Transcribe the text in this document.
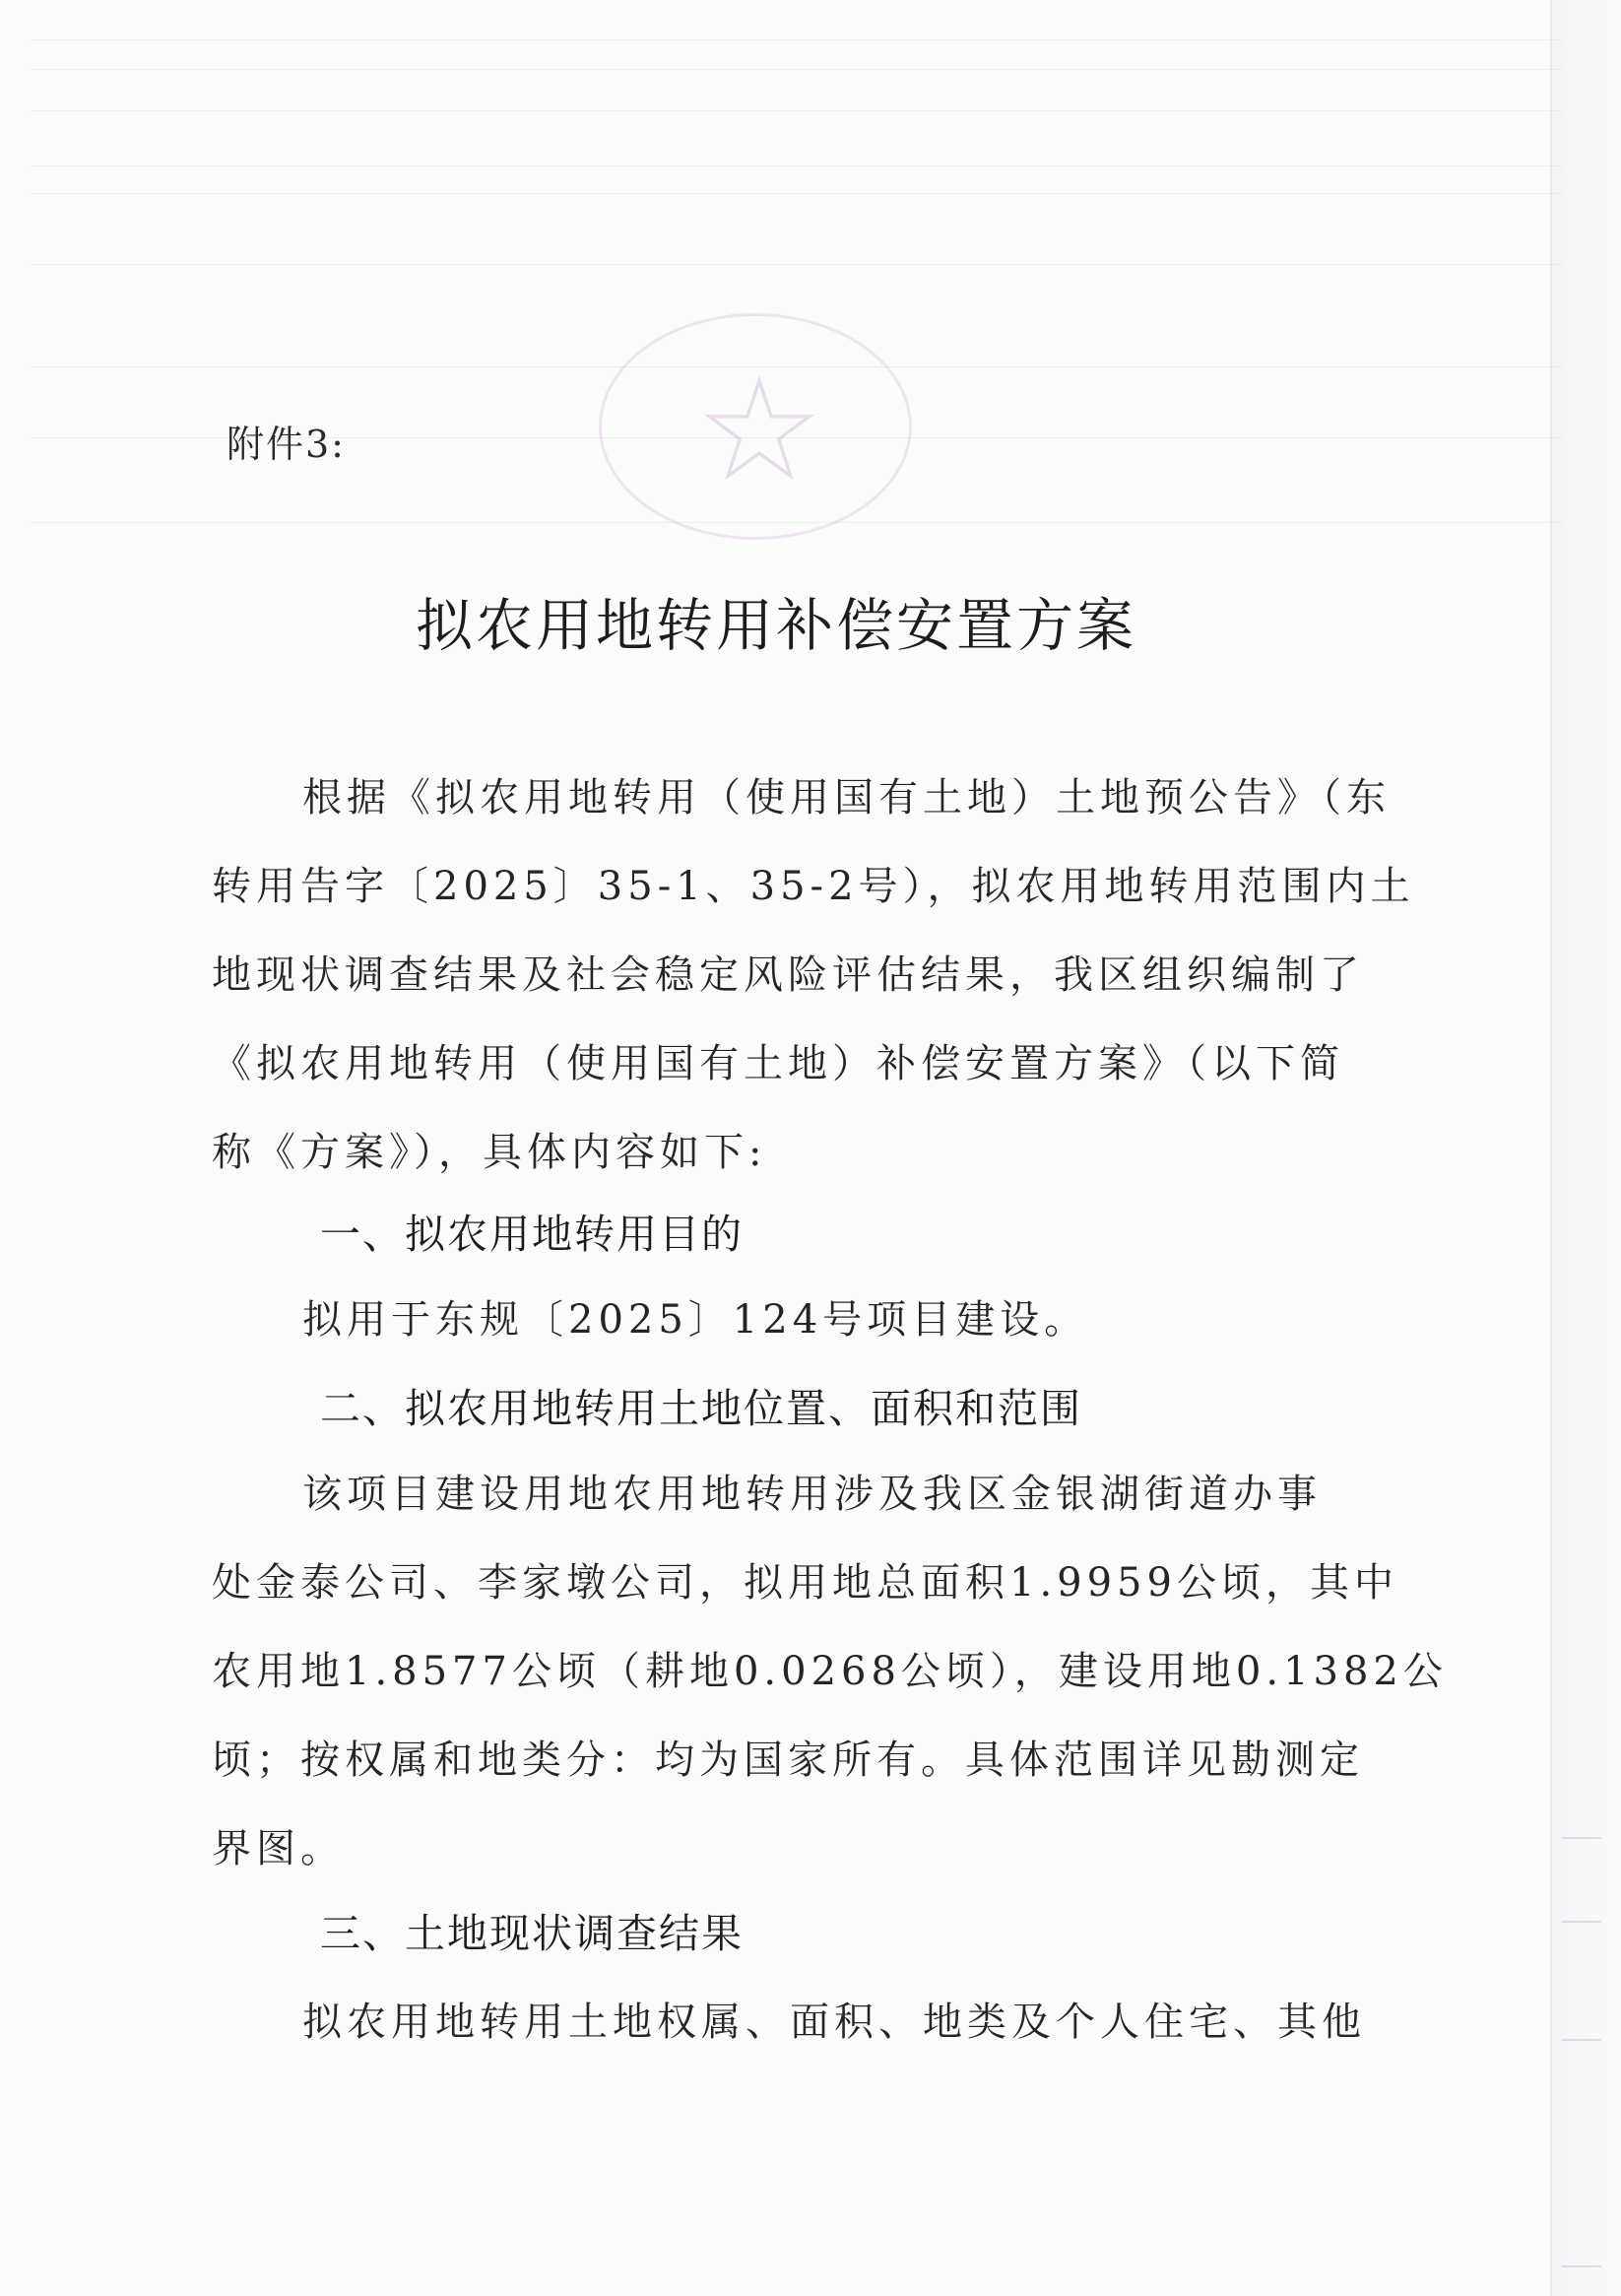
附件3:
拟农用地转用补偿安置方案
根据《拟农用地转用（使用国有土地）土地预公告》（东
转用告字〔2025〕35-1、35-2号），拟农用地转用范围内土
地现状调查结果及社会稳定风险评估结果，我区组织编制了
《拟农用地转用（使用国有土地）补偿安置方案》（以下简
称《方案》），具体内容如下:
一、拟农用地转用目的
拟用于东规〔2025〕124号项目建设。
二、拟农用地转用土地位置、面积和范围
该项目建设用地农用地转用涉及我区金银湖街道办事
处金泰公司、李家墩公司，拟用地总面积1.9959公顷，其中
农用地1.8577公顷（耕地0.0268公顷），建设用地0.1382公
顷；按权属和地类分：均为国家所有。具体范围详见勘测定
界图。
三、土地现状调查结果
拟农用地转用土地权属、面积、地类及个人住宅、其他
